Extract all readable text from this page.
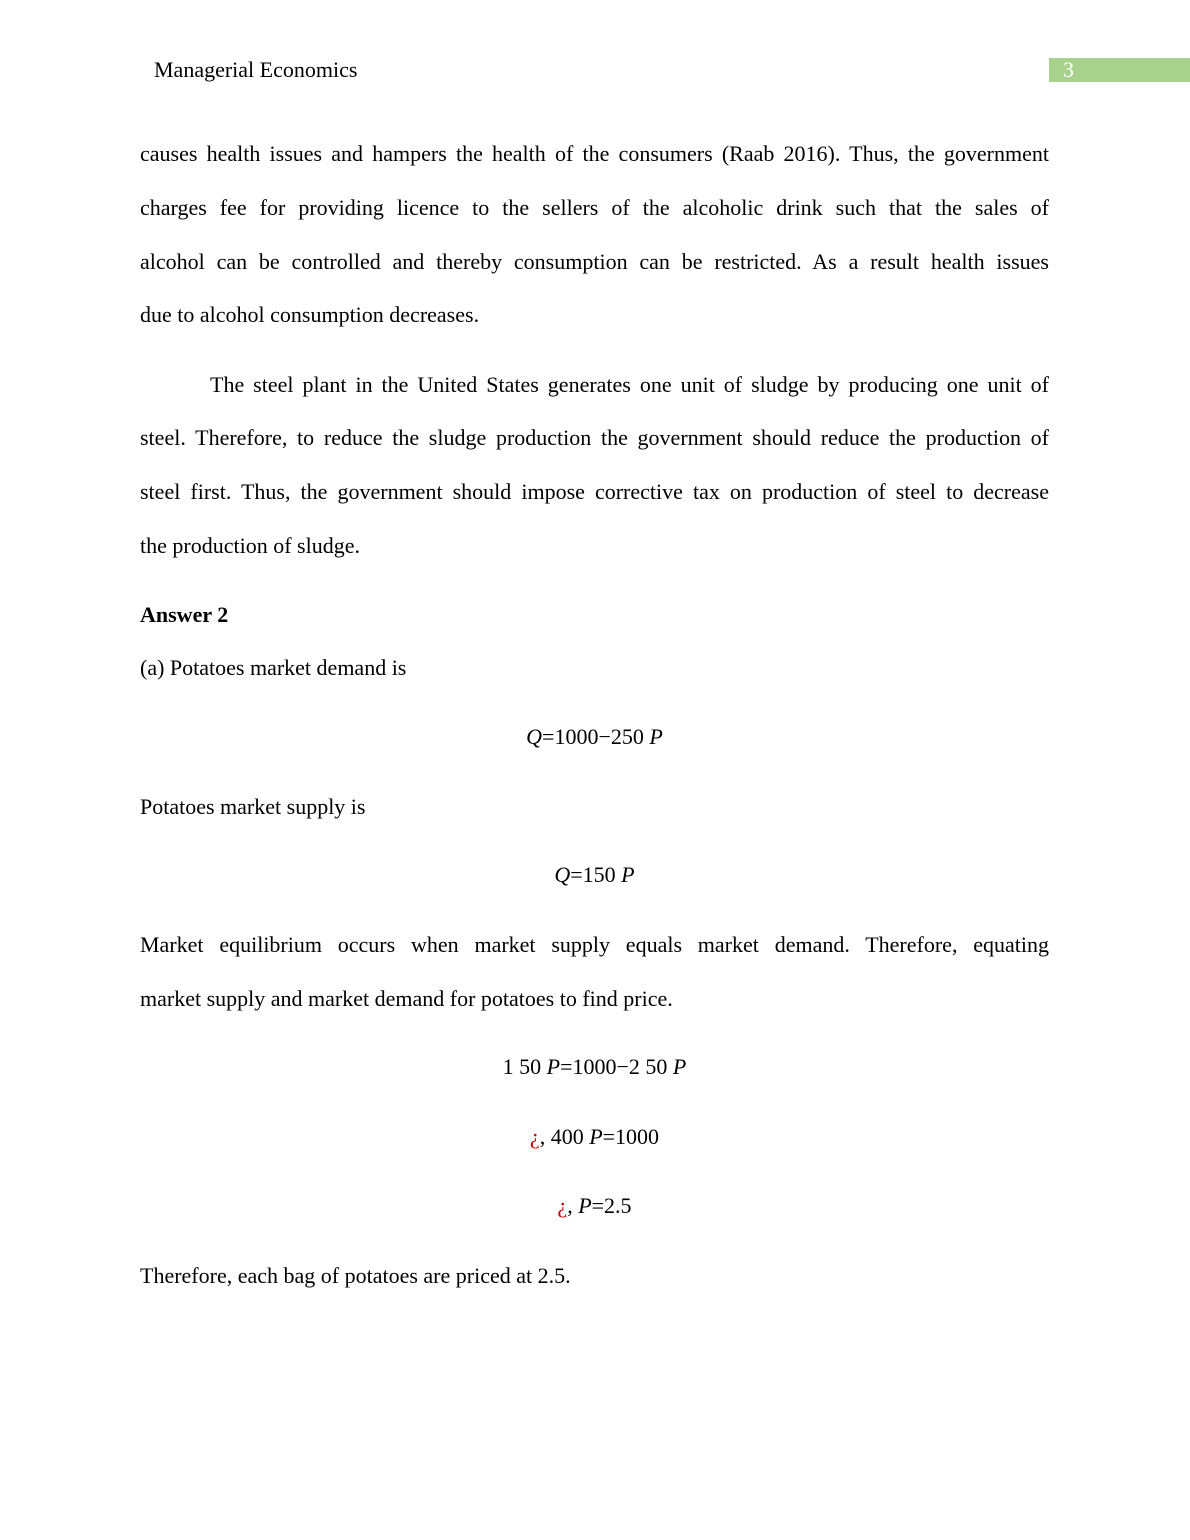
Managerial Economics	3
causes health issues and hampers the health of the consumers (Raab 2016). Thus, the government
charges fee for providing licence to the sellers of the alcoholic drink such that the sales of
alcohol can be controlled and thereby consumption can be restricted. As a result health issues
due to alcohol consumption decreases.
The steel plant in the United States generates one unit of sludge by producing one unit of
steel. Therefore, to reduce the sludge production the government should reduce the production of
steel first. Thus, the government should impose corrective tax on production of steel to decrease
the production of sludge.
Answer 2
(a) Potatoes market demand is
Q=1000−250 P
Potatoes market supply is
Q=150 P
Market equilibrium occurs when market supply equals market demand. Therefore, equating
market supply and market demand for potatoes to find price.
1 50 P=1000−2 50 P
¿, 400 P=1000
¿, P=2.5
Therefore, each bag of potatoes are priced at 2.5.
